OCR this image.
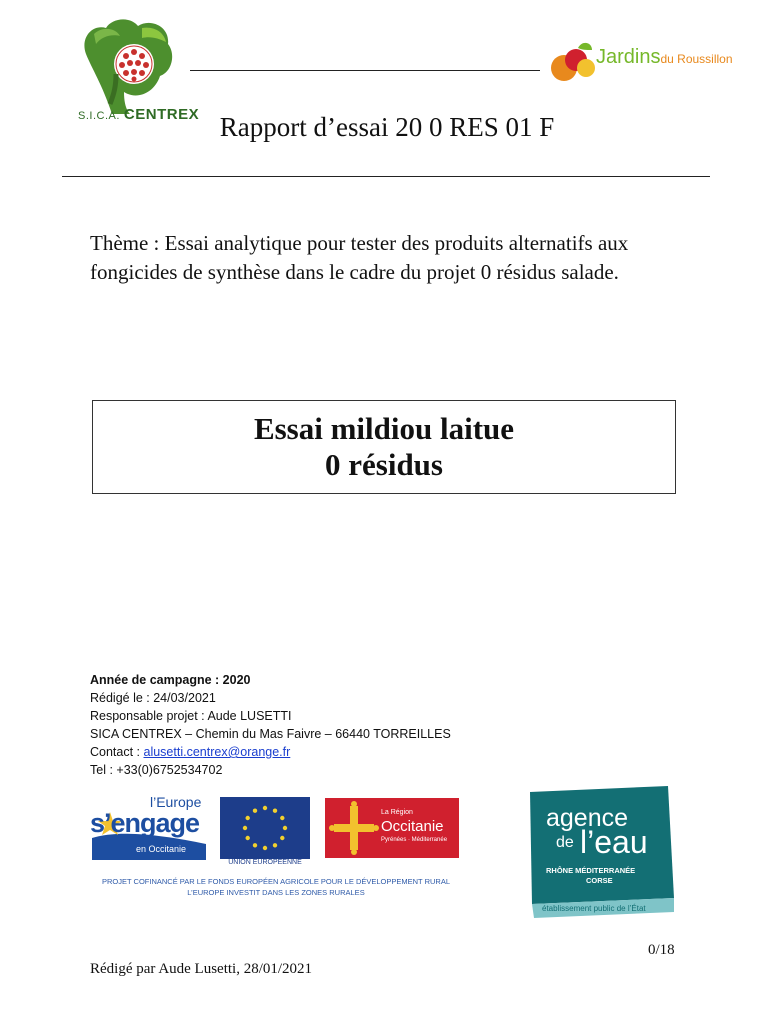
S.I.C.A. CENTREX
Jardinsdu Roussillon
Rapport d’essai 20 0 RES 01 F
Thème : Essai analytique pour tester des produits alternatifs aux fongicides de synthèse dans le cadre du projet 0 résidus salade.
Essai mildiou laitue
0 résidus
Année de campagne : 2020
Rédigé le : 24/03/2021
Responsable projet : Aude LUSETTI
SICA CENTREX – Chemin du Mas Faivre – 66440 TORREILLES
Contact : alusetti.centrex@orange.fr
Tel : +33(0)6752534702
l’Europe
s’engage
en Occitanie
UNION EUROPÉENNE
La Région
Occitanie
Pyrénées · Méditerranée
PROJET COFINANCÉ PAR LE FONDS EUROPÉEN AGRICOLE POUR LE DÉVELOPPEMENT RURAL
L’EUROPE INVESTIT DANS LES ZONES RURALES
agence
de l’eau
RHÔNE MÉDITERRANÉE
CORSE
établissement public de l’État
0/18
Rédigé par Aude Lusetti, 28/01/2021
